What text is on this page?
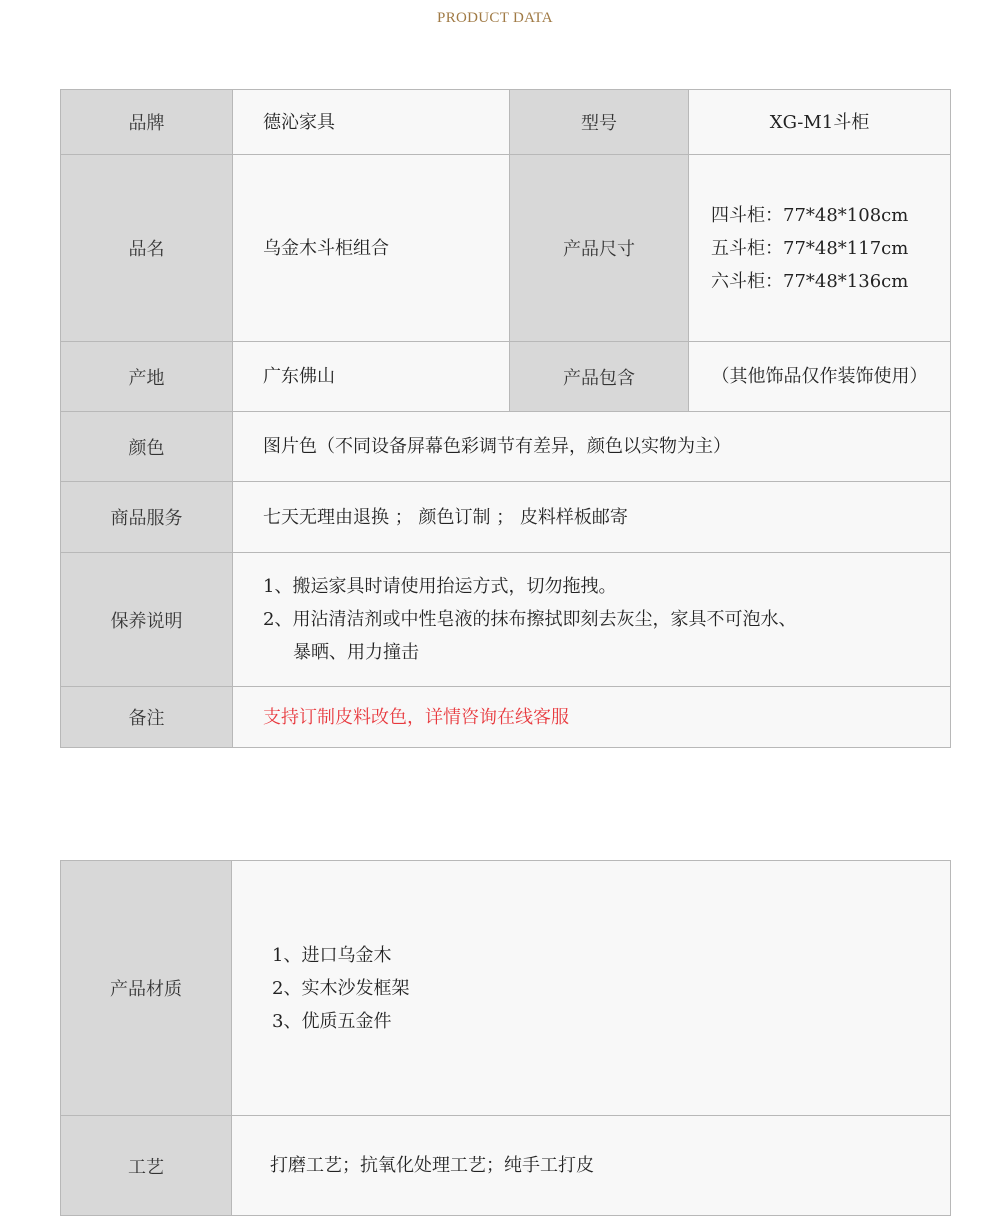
PRODUCT DATA
品牌	德沁家具	型号	XG-M1斗柜
品名	乌金木斗柜组合	产品尺寸	四斗柜：77*48*108cm
五斗柜：77*48*117cm
六斗柜：77*48*136cm

产地	广东佛山	产品包含	（其他饰品仅作装饰使用）
颜色	图片色（不同设备屏幕色彩调节有差异，颜色以实物为主）		
商品服务	七天无理由退换 ； 颜色订制 ； 皮料样板邮寄		
保养说明	1、搬运家具时请使用抬运方式，切勿拖拽。
2、用沾清洁剂或中性皂液的抹布擦拭即刻去灰尘，家具不可泡水、
暴晒、用力撞击		

备注	支持订制皮料改色，详情咨询在线客服		
产品材质	1、进口乌金木
2、实木沙发框架
3、优质五金件

工艺	打磨工艺；抗氧化处理工艺；纯手工打皮
